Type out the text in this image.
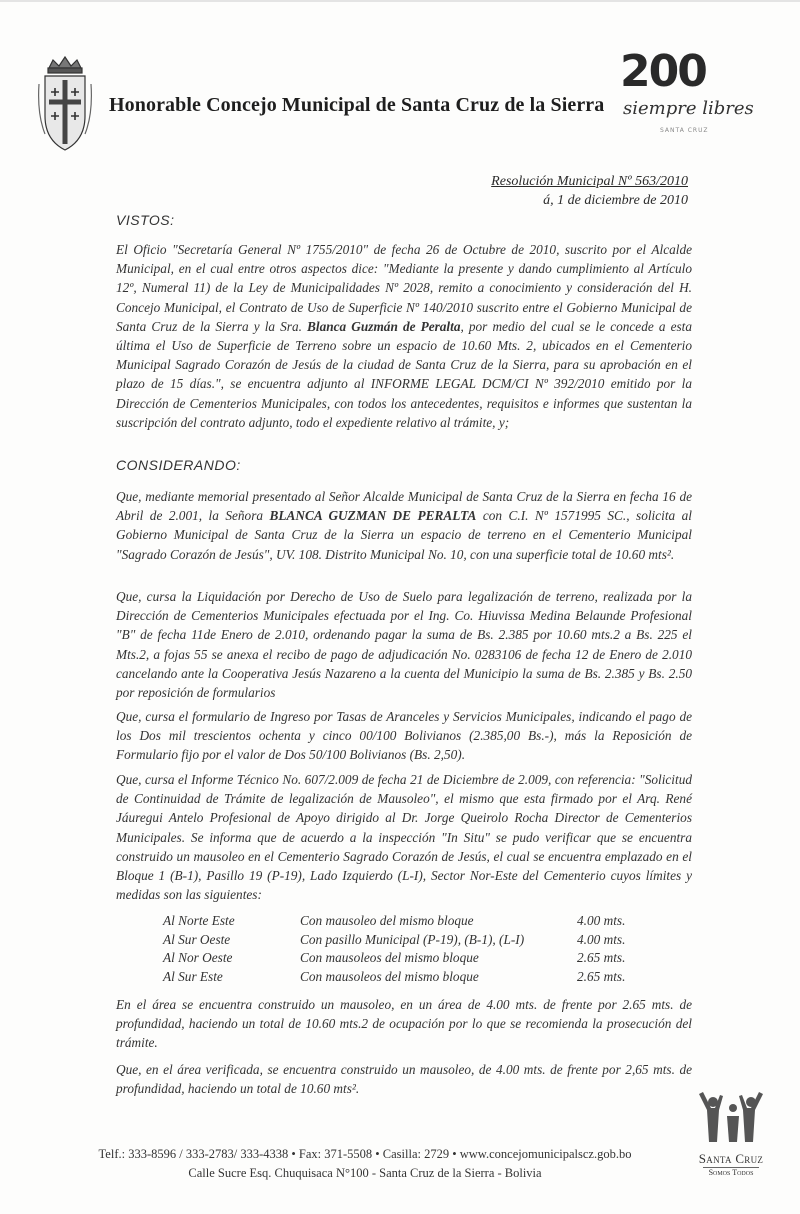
Honorable Concejo Municipal de Santa Cruz de la Sierra
200
siempre libres
SANTA CRUZ
Resolución Municipal Nº 563/2010
á, 1 de diciembre de 2010
VISTOS:

El Oficio "Secretaría General Nº 1755/2010" de fecha 26 de Octubre de 2010, suscrito por el Alcalde Municipal, en el cual entre otros aspectos dice: "Mediante la presente y dando cumplimiento al Artículo 12º, Numeral 11) de la Ley de Municipalidades Nº 2028, remito a conocimiento y consideración del H. Concejo Municipal, el Contrato de Uso de Superficie Nº 140/2010 suscrito entre el Gobierno Municipal de Santa Cruz de la Sierra y la Sra. Blanca Guzmán de Peralta, por medio del cual se le concede a esta última el Uso de Superficie de Terreno sobre un espacio de 10.60 Mts. 2, ubicados en el Cementerio Municipal Sagrado Corazón de Jesús de la ciudad de Santa Cruz de la Sierra, para su aprobación en el plazo de 15 días.", se encuentra adjunto al INFORME LEGAL DCM/CI Nº 392/2010 emitido por la Dirección de Cementerios Municipales, con todos los antecedentes, requisitos e informes que sustentan la suscripción del contrato adjunto, todo el expediente relativo al trámite, y;

CONSIDERANDO:

Que, mediante memorial presentado al Señor Alcalde Municipal de Santa Cruz de la Sierra en fecha 16 de Abril de 2.001, la Señora BLANCA GUZMAN DE PERALTA con C.I. Nº 1571995 SC., solicita al Gobierno Municipal de Santa Cruz de la Sierra un espacio de terreno en el Cementerio Municipal "Sagrado Corazón de Jesús", UV. 108. Distrito Municipal No. 10, con una superficie total de 10.60 mts².

Que, cursa la Liquidación por Derecho de Uso de Suelo para legalización de terreno, realizada por la Dirección de Cementerios Municipales efectuada por el Ing. Co. Hiuvissa Medina Belaunde Profesional "B" de fecha 11de Enero de 2.010, ordenando pagar la suma de Bs. 2.385 por 10.60 mts.2 a Bs. 225 el Mts.2, a fojas 55 se anexa el recibo de pago de adjudicación No. 0283106 de fecha 12 de Enero de 2.010 cancelando ante la Cooperativa Jesús Nazareno a la cuenta del Municipio la suma de Bs. 2.385 y Bs. 2.50 por reposición de formularios

Que, cursa el formulario de Ingreso por Tasas de Aranceles y Servicios Municipales, indicando el pago de los Dos mil trescientos ochenta y cinco 00/100 Bolivianos (2.385,00 Bs.-), más la Reposición de Formulario fijo por el valor de Dos 50/100 Bolivianos (Bs. 2,50).

Que, cursa el Informe Técnico No. 607/2.009 de fecha 21 de Diciembre de 2.009, con referencia: "Solicitud de Continuidad de Trámite de legalización de Mausoleo", el mismo que esta firmado por el Arq. René Jáuregui Antelo Profesional de Apoyo dirigido al Dr. Jorge Queirolo Rocha Director de Cementerios Municipales. Se informa que de acuerdo a la inspección "In Situ" se pudo verificar que se encuentra construido un mausoleo en el Cementerio Sagrado Corazón de Jesús, el cual se encuentra emplazado en el Bloque 1 (B-1), Pasillo 19 (P-19), Lado Izquierdo (L-I), Sector Nor-Este del Cementerio cuyos límites y medidas son las siguientes:

Al Norte Este	Con mausoleo del mismo bloque	4.00 mts.
Al Sur Oeste	Con pasillo Municipal (P-19), (B-1), (L-I)	4.00 mts.
Al Nor Oeste	Con mausoleos del mismo bloque	2.65 mts.
Al Sur Este	Con mausoleos del mismo bloque	2.65 mts.

En el área se encuentra construido un mausoleo, en un área de 4.00 mts. de frente por 2.65 mts. de profundidad, haciendo un total de 10.60 mts.2 de ocupación por lo que se recomienda la prosecución del trámite.

Que, en el área verificada, se encuentra construido un mausoleo, de 4.00 mts. de frente por 2,65 mts. de profundidad, haciendo un total de 10.60 mts².

Telf.: 333-8596 / 333-2783/ 333-4338 • Fax: 371-5508 • Casilla: 2729 • www.concejomunicipalscz.gob.bo
Calle Sucre Esq. Chuquisaca N°100 - Santa Cruz de la Sierra - Bolivia
Santa Cruz
Somos Todos
